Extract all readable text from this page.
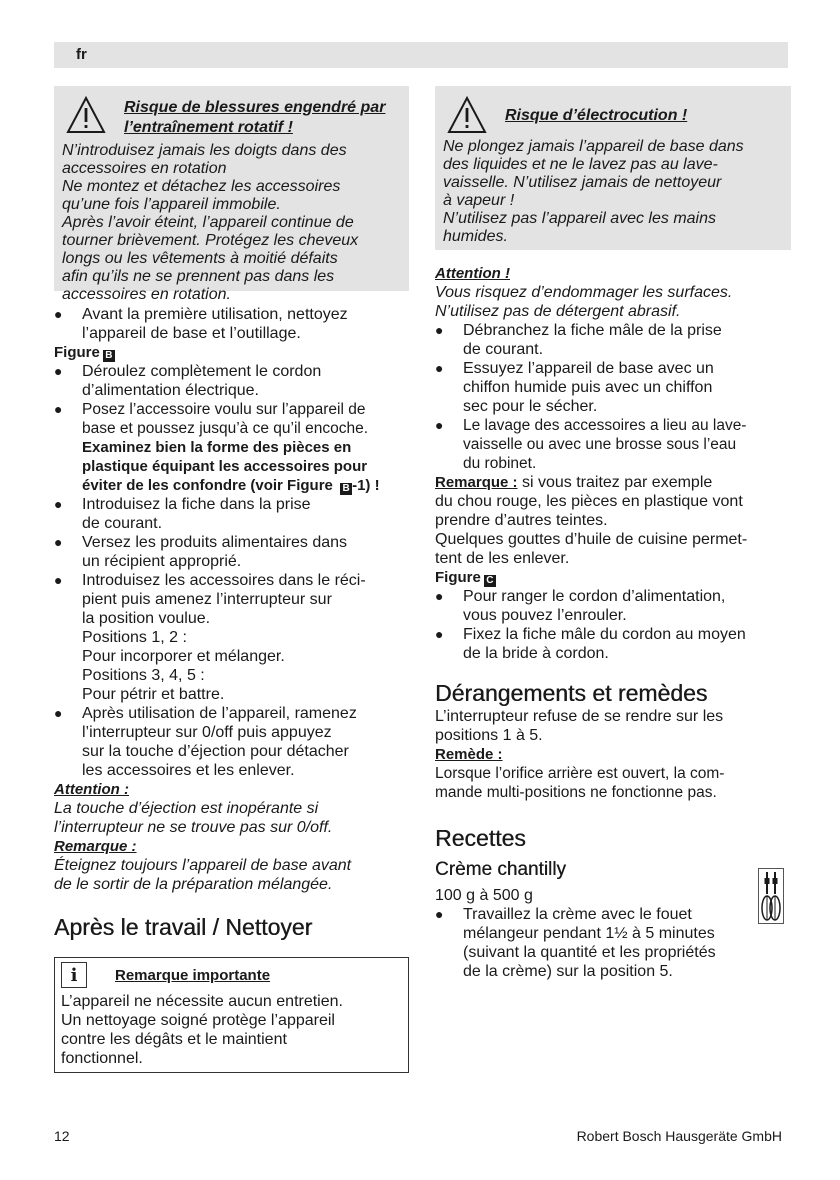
fr
Risque de blessures engendré par
l’entraînement rotatif !

N’introduisez jamais les doigts dans des

accessoires en rotation

Ne montez et détachez les accessoires

qu’une fois l’appareil immobile.

Après l’avoir éteint, l’appareil continue de

tourner brièvement. Protégez les cheveux

longs ou les vêtements à moitié défaits

afin qu’ils ne se prennent pas dans les

accessoires en rotation.

●	Avant la première utilisation, nettoyez
l’appareil de base et l’outillage.
Figure B
●	Déroulez complètement le cordon
d’alimentation électrique.
●	Posez l’accessoire voulu sur l’appareil de
base et poussez jusqu’à ce qu’il encoche.
Examinez bien la forme des pièces en
plastique équipant les accessoires pour
éviter de les confondre (voir Figure B -1) !
●	Introduisez la fiche dans la prise
de courant.
●	Versez les produits alimentaires dans
un récipient approprié.
●	Introduisez les accessoires dans le réci-
pient puis amenez l’interrupteur sur
la position voulue.
Positions 1, 2 :
Pour incorporer et mélanger.
Positions 3, 4, 5 :
Pour pétrir et battre.
●	Après utilisation de l’appareil, ramenez
l’interrupteur sur 0/off puis appuyez
sur la touche d’éjection pour détacher
les accessoires et les enlever.
Attention :

La touche d’éjection est inopérante si
l’interrupteur ne se trouve pas sur 0/off.

Remarque :

Éteignez toujours l’appareil de base avant
de le sortir de la préparation mélangée.

Après le travail / Nettoyer
i	Remarque importante

L’appareil ne nécessite aucun entretien.
Un nettoyage soigné protège l’appareil
contre les dégâts et le maintient
fonctionnel.

Risque d’électrocution !

Ne plongez jamais l’appareil de base dans

des liquides et ne le lavez pas au lave-

vaisselle. N’utilisez jamais de nettoyeur

à vapeur !

N’utilisez pas l’appareil avec les mains

humides.

Attention !

Vous risquez d’endommager les surfaces.
N’utilisez pas de détergent abrasif.

●	Débranchez la fiche mâle de la prise
de courant.
●	Essuyez l’appareil de base avec un
chiffon humide puis avec un chiffon
sec pour le sécher.
●	Le lavage des accessoires a lieu au lave-
vaisselle ou avec une brosse sous l’eau
du robinet.

Remarque : si vous traitez par exemple
du chou rouge, les pièces en plastique vont
prendre d’autres teintes.
Quelques gouttes d’huile de cuisine permet-
tent de les enlever.

Figure C
●	Pour ranger le cordon d’alimentation,
vous pouvez l’enrouler.
●	Fixez la fiche mâle du cordon au moyen
de la bride à cordon.
Dérangements et remèdes

L’interrupteur refuse de se rendre sur les
positions 1 à 5.

Remède :

Lorsque l’orifice arrière est ouvert, la com-
mande multi-positions ne fonctionne pas.

Recettes
Crème chantilly

100 g à 500 g

●	Travaillez la crème avec le fouet
mélangeur pendant 1½ à 5 minutes
(suivant la quantité et les propriétés
de la crème) sur la position 5.
12	Robert Bosch Hausgeräte GmbH
